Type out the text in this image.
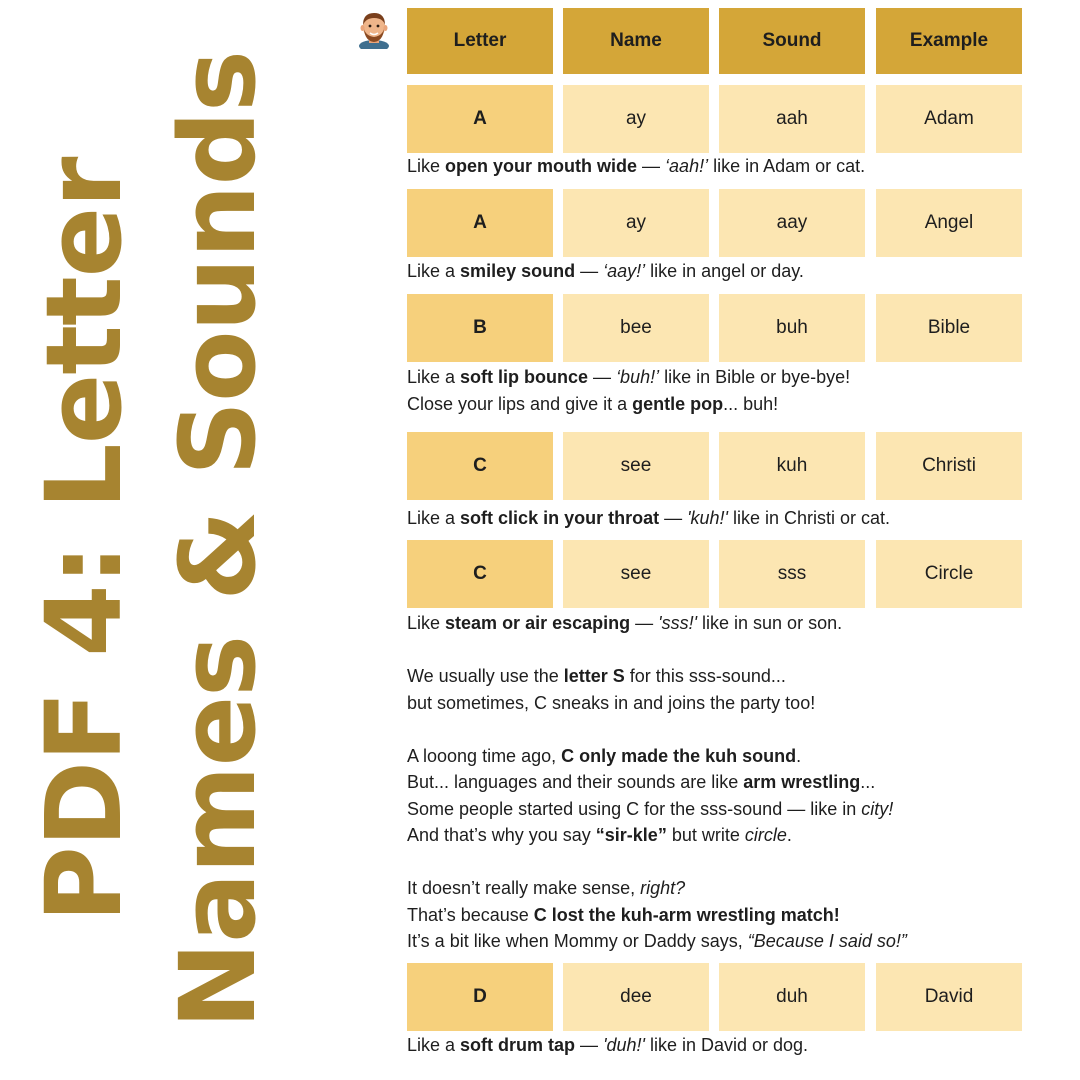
PDF 4: Letter Names & Sounds
Letter	Name	Sound	Example
A	ay	aah	Adam

Like open your mouth wide — ‘aah!’ like in Adam or cat.

A	ay	aay	Angel

Like a smiley sound — ‘aay!’ like in angel or day.

B	bee	buh	Bible

Like a soft lip bounce — ‘buh!’ like in Bible or bye-bye!

Close your lips and give it a gentle pop... buh!

C	see	kuh	Christi

Like a soft click in your throat — 'kuh!' like in Christi or cat.

C	see	sss	Circle

Like steam or air escaping — 'sss!' like in sun or son.

We usually use the letter S for this sss-sound...

but sometimes, C sneaks in and joins the party too!

A looong time ago, C only made the kuh sound.

But... languages and their sounds are like arm wrestling...

Some people started using C for the sss-sound — like in city!

And that’s why you say “sir-kle” but write circle.

It doesn’t really make sense, right?

That’s because C lost the kuh-arm wrestling match!

It’s a bit like when Mommy or Daddy says, “Because I said so!”

D	dee	duh	David

Like a soft drum tap — 'duh!' like in David or dog.
